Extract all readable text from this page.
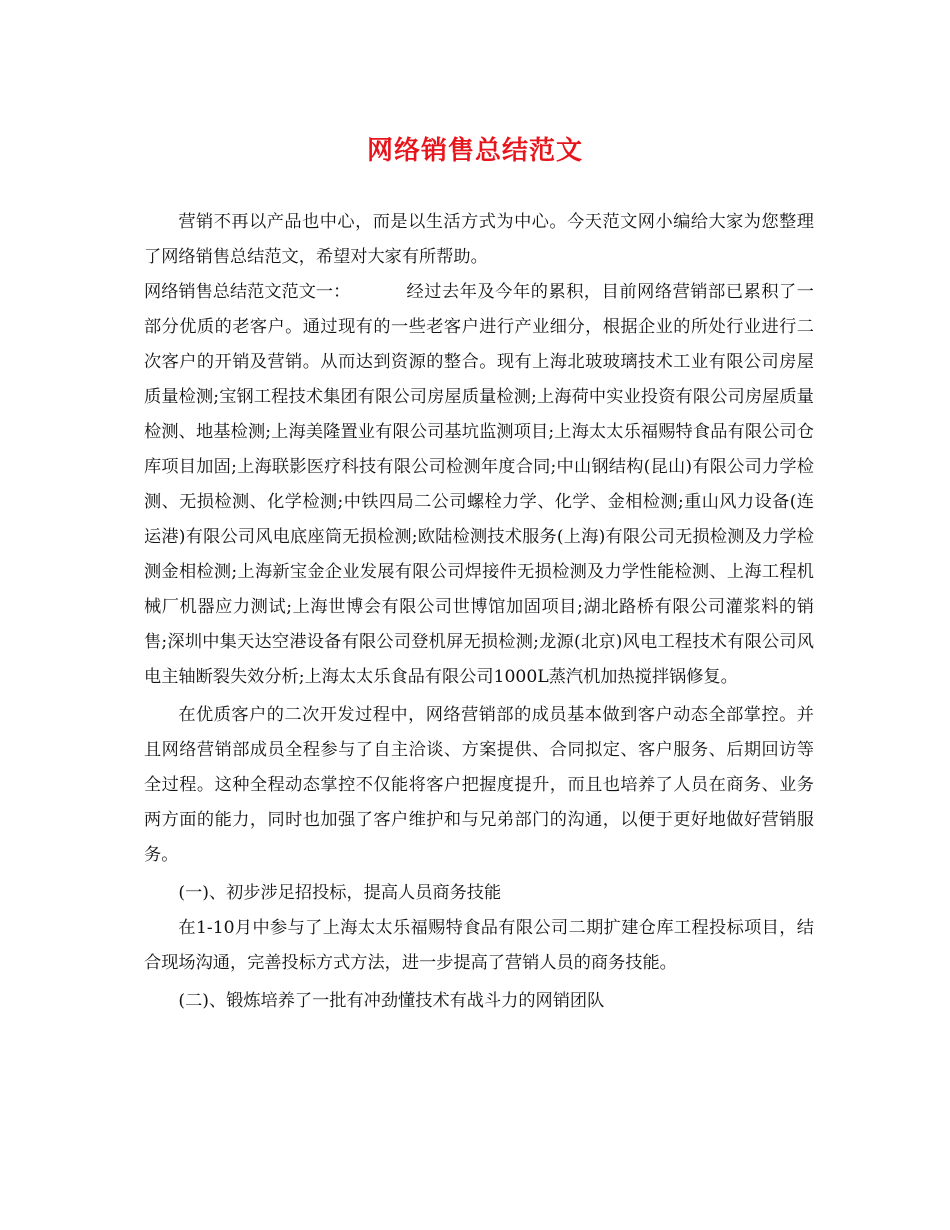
网络销售总结范文

营销不再以产品也中心，而是以生活方式为中心。今天范文网小编给大家为您整理了网络销售总结范文，希望对大家有所帮助。

网络销售总结范文范文一：	经过去年及今年的累积，目前网络营销部已累积了一部分优质的老客户。通过现有的一些老客户进行产业细分，根据企业的所处行业进行二次客户的开销及营销。从而达到资源的整合。现有上海北玻玻璃技术工业有限公司房屋质量检测;宝钢工程技术集团有限公司房屋质量检测;上海荷中实业投资有限公司房屋质量检测、地基检测;上海美隆置业有限公司基坑监测项目;上海太太乐福赐特食品有限公司仓库项目加固;上海联影医疗科技有限公司检测年度合同;中山钢结构(昆山)有限公司力学检测、无损检测、化学检测;中铁四局二公司螺栓力学、化学、金相检测;重山风力设备(连运港)有限公司风电底座筒无损检测;欧陆检测技术服务(上海)有限公司无损检测及力学检测金相检测;上海新宝金企业发展有限公司焊接件无损检测及力学性能检测、上海工程机械厂机器应力测试;上海世博会有限公司世博馆加固项目;湖北路桥有限公司灌浆料的销售;深圳中集天达空港设备有限公司登机屏无损检测;龙源(北京)风电工程技术有限公司风电主轴断裂失效分析;上海太太乐食品有限公司1000L蒸汽机加热搅拌锅修复。

在优质客户的二次开发过程中，网络营销部的成员基本做到客户动态全部掌控。并且网络营销部成员全程参与了自主洽谈、方案提供、合同拟定、客户服务、后期回访等全过程。这种全程动态掌控不仅能将客户把握度提升，而且也培养了人员在商务、业务两方面的能力，同时也加强了客户维护和与兄弟部门的沟通，以便于更好地做好营销服务。

(一)、初步涉足招投标，提高人员商务技能

在1-10月中参与了上海太太乐福赐特食品有限公司二期扩建仓库工程投标项目，结合现场沟通，完善投标方式方法，进一步提高了营销人员的商务技能。

(二)、锻炼培养了一批有冲劲懂技术有战斗力的网销团队
